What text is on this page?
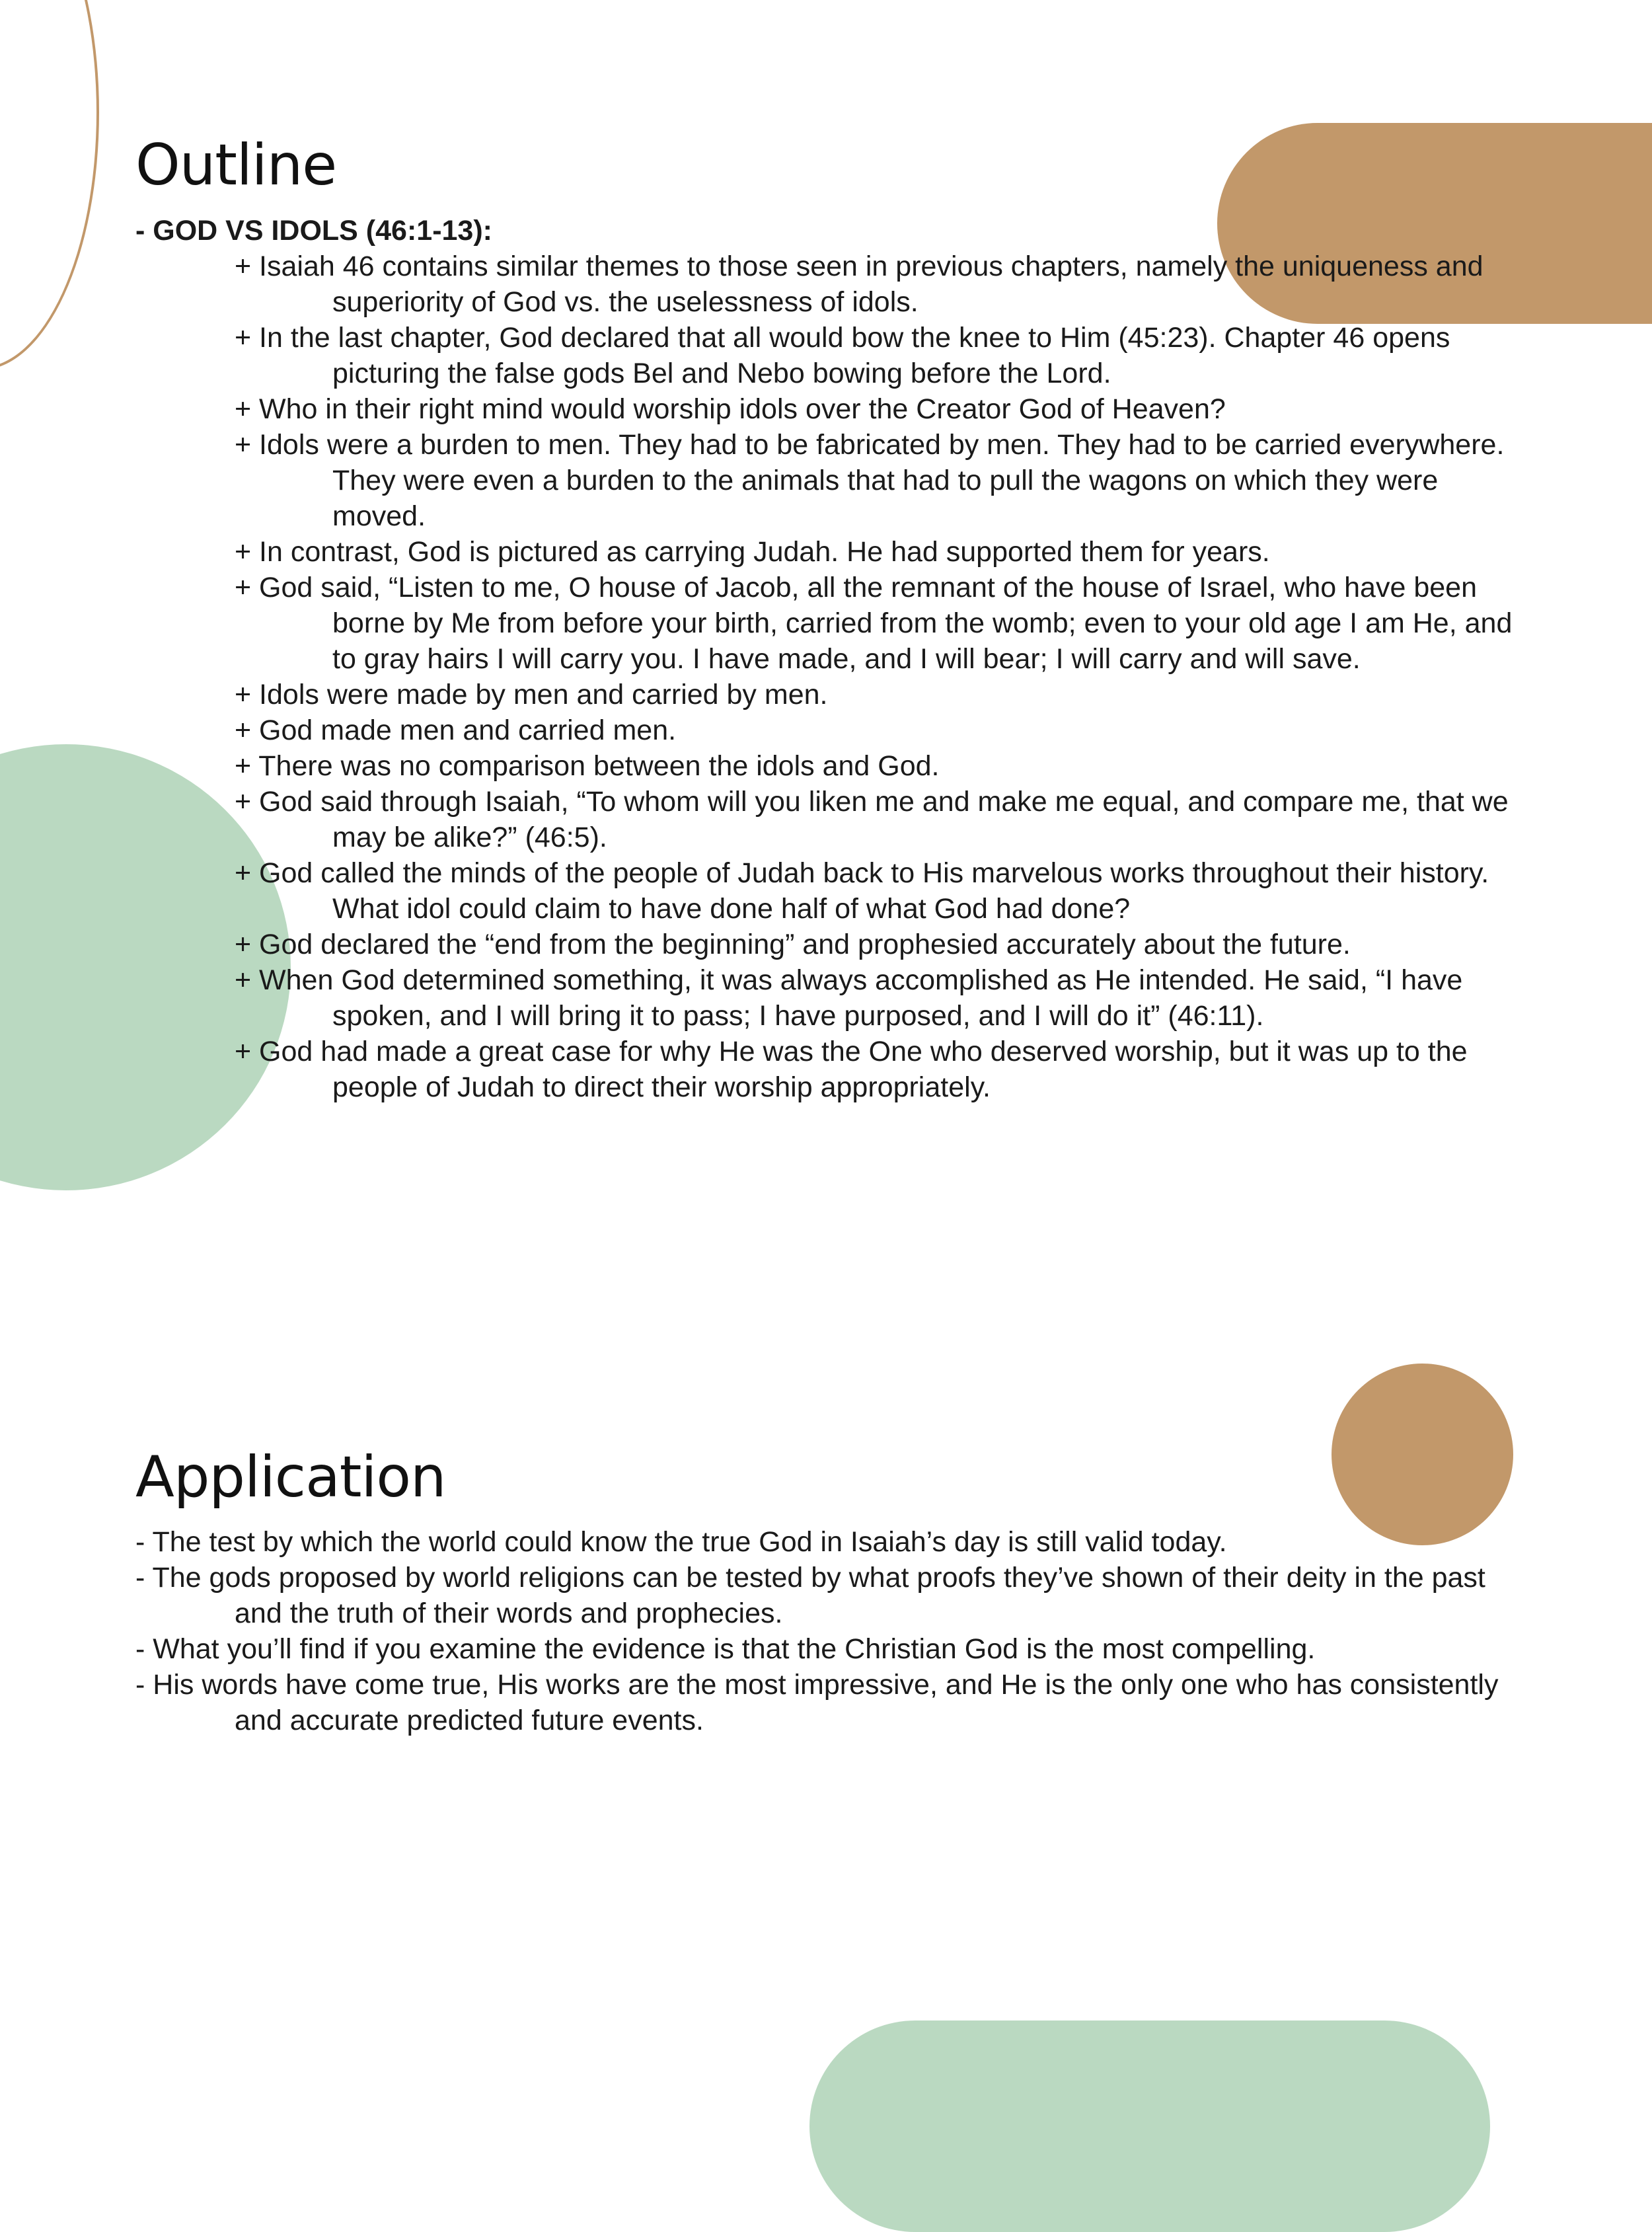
Outline
- GOD VS IDOLS (46:1-13):
+ Isaiah 46 contains similar themes to those seen in previous chapters, namely the uniqueness and superiority of God vs. the uselessness of idols.
+ In the last chapter, God declared that all would bow the knee to Him (45:23). Chapter 46 opens picturing the false gods Bel and Nebo bowing before the Lord.
+ Who in their right mind would worship idols over the Creator God of Heaven?
+ Idols were a burden to men. They had to be fabricated by men. They had to be carried everywhere. They were even a burden to the animals that had to pull the wagons on which they were moved.
+ In contrast, God is pictured as carrying Judah. He had supported them for years.
+ God said, “Listen to me, O house of Jacob, all the remnant of the house of Israel, who have been borne by Me from before your birth, carried from the womb; even to your old age I am He, and to gray hairs I will carry you. I have made, and I will bear; I will carry and will save.
+ Idols were made by men and carried by men.
+ God made men and carried men.
+ There was no comparison between the idols and God.
+ God said through Isaiah, “To whom will you liken me and make me equal, and compare me, that we may be alike?” (46:5).
+ God called the minds of the people of Judah back to His marvelous works throughout their history. What idol could claim to have done half of what God had done?
+ God declared the “end from the beginning” and prophesied accurately about the future.
+ When God determined something, it was always accomplished as He intended. He said, “I have spoken, and I will bring it to pass; I have purposed, and I will do it” (46:11).
+ God had made a great case for why He was the One who deserved worship, but it was up to the people of Judah to direct their worship appropriately.
Application
- The test by which the world could know the true God in Isaiah’s day is still valid today.
- The gods proposed by world religions can be tested by what proofs they’ve shown of their deity in the past and the truth of their words and prophecies.
- What you’ll find if you examine the evidence is that the Christian God is the most compelling.
- His words have come true, His works are the most impressive, and He is the only one who has consistently and accurate predicted future events.
